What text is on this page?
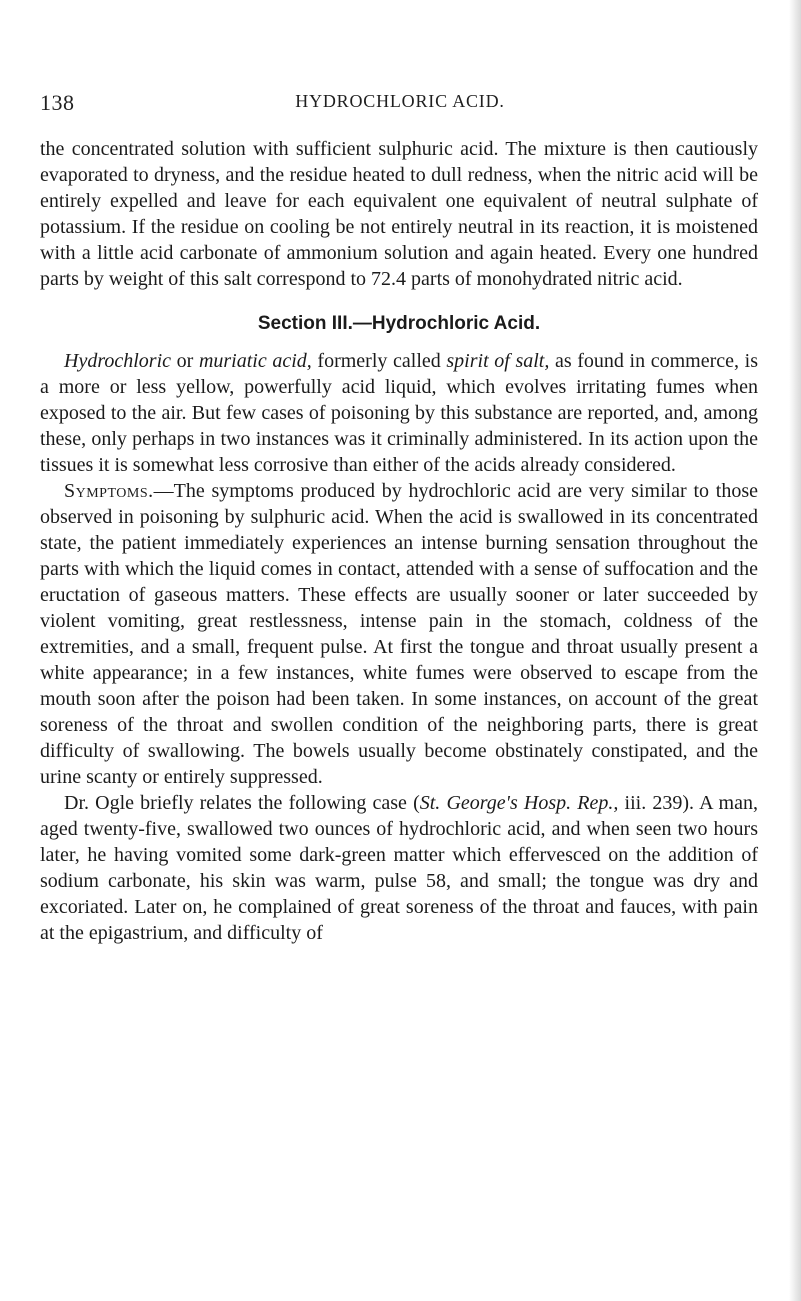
138	HYDROCHLORIC ACID.

the concentrated solution with sufficient sulphuric acid. The mixture is then cautiously evaporated to dryness, and the residue heated to dull redness, when the nitric acid will be entirely expelled and leave for each equivalent one equivalent of neutral sulphate of potassium. If the residue on cooling be not entirely neutral in its reaction, it is moistened with a little acid carbonate of ammonium solution and again heated. Every one hundred parts by weight of this salt correspond to 72.4 parts of monohydrated nitric acid.

Section III.—Hydrochloric Acid.

Hydrochloric or muriatic acid, formerly called spirit of salt, as found in commerce, is a more or less yellow, powerfully acid liquid, which evolves irritating fumes when exposed to the air. But few cases of poisoning by this substance are reported, and, among these, only perhaps in two instances was it criminally administered. In its action upon the tissues it is somewhat less corrosive than either of the acids already considered.

Symptoms.—The symptoms produced by hydrochloric acid are very similar to those observed in poisoning by sulphuric acid. When the acid is swallowed in its concentrated state, the patient immediately experiences an intense burning sensation throughout the parts with which the liquid comes in contact, attended with a sense of suffocation and the eructation of gaseous matters. These effects are usually sooner or later succeeded by violent vomiting, great restlessness, intense pain in the stomach, coldness of the extremities, and a small, frequent pulse. At first the tongue and throat usually present a white appearance; in a few instances, white fumes were observed to escape from the mouth soon after the poison had been taken. In some instances, on account of the great soreness of the throat and swollen condition of the neighboring parts, there is great difficulty of swallowing. The bowels usually become obstinately constipated, and the urine scanty or entirely suppressed.

Dr. Ogle briefly relates the following case (St. George's Hosp. Rep., iii. 239). A man, aged twenty-five, swallowed two ounces of hydrochloric acid, and when seen two hours later, he having vomited some dark-green matter which effervesced on the addition of sodium carbonate, his skin was warm, pulse 58, and small; the tongue was dry and excoriated. Later on, he complained of great soreness of the throat and fauces, with pain at the epigastrium, and difficulty of
